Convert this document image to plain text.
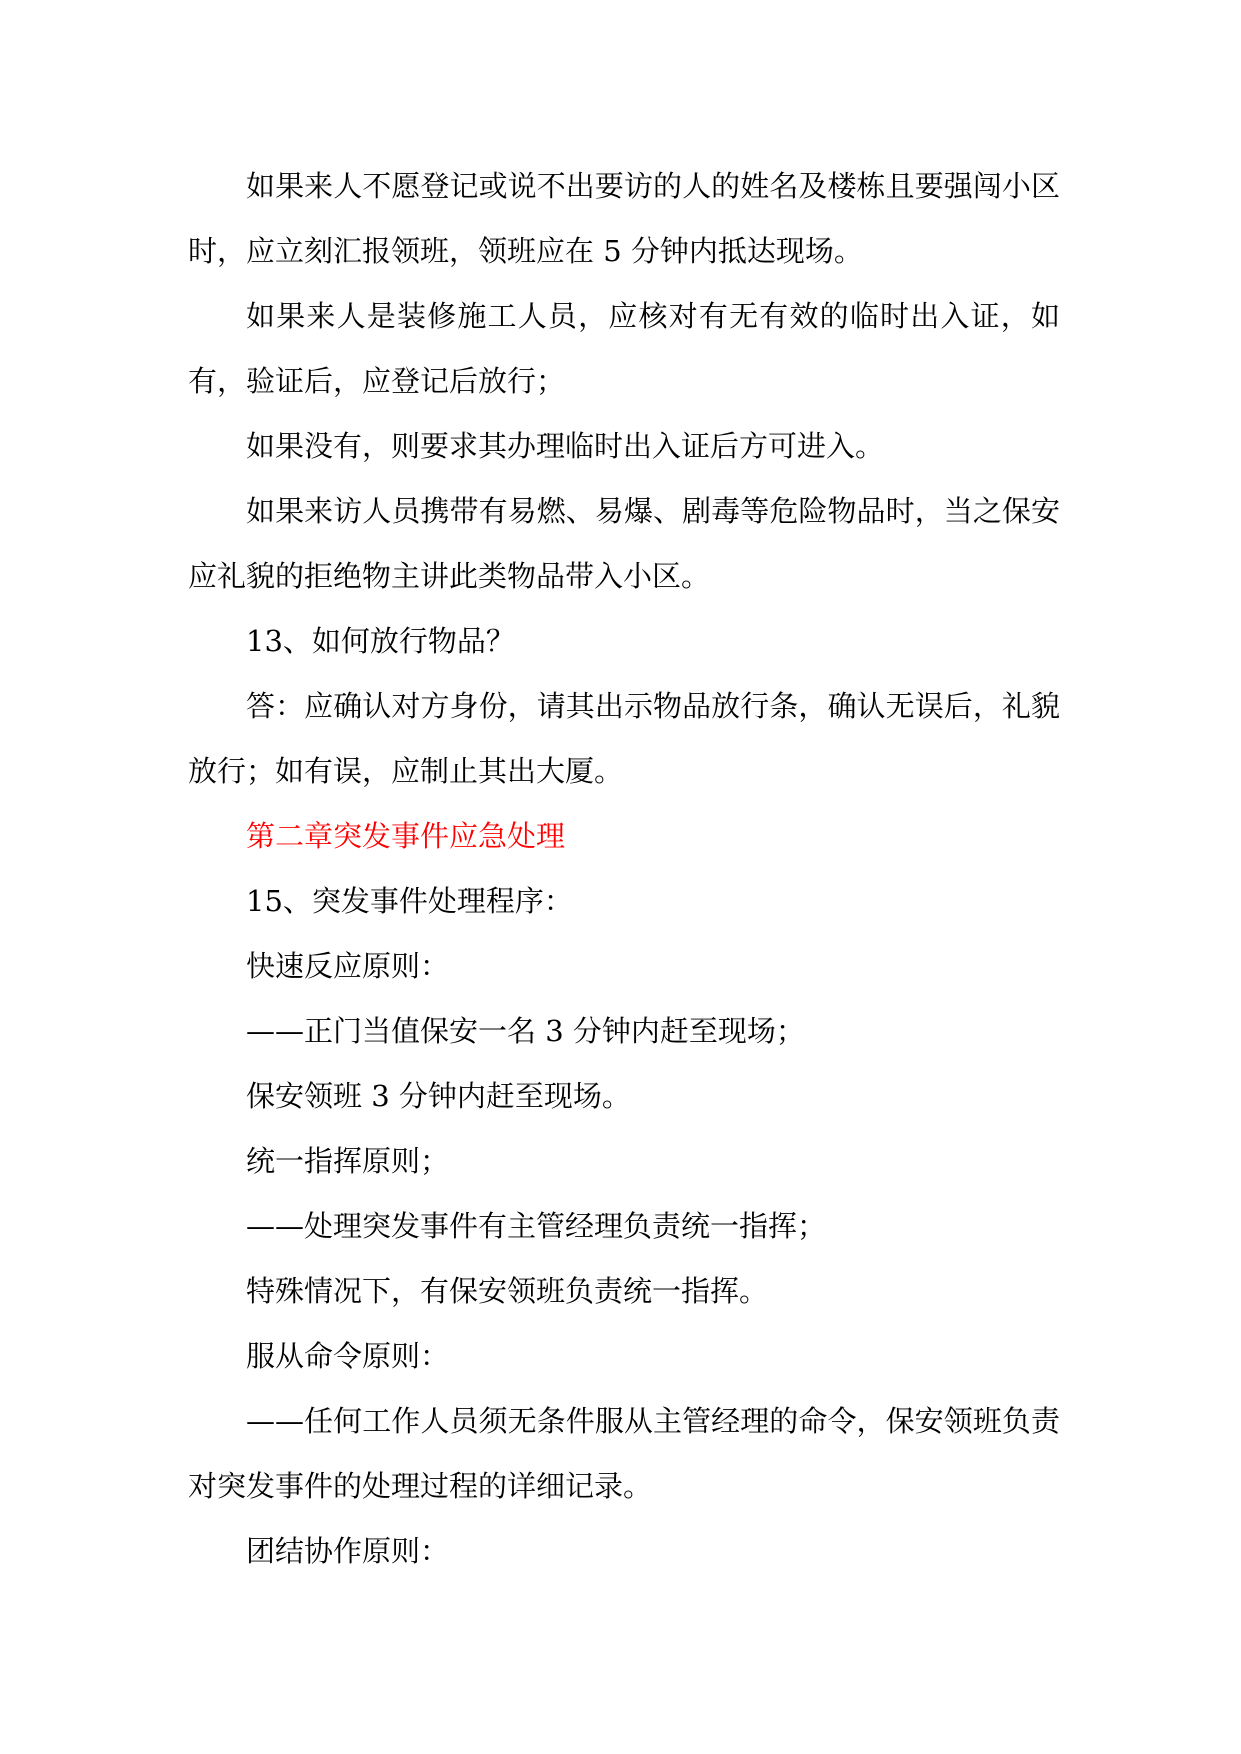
如果来人不愿登记或说不出要访的人的姓名及楼栋且要强闯小区时，应立刻汇报领班，领班应在 5 分钟内抵达现场。

如果来人是装修施工人员，应核对有无有效的临时出入证，如有，验证后，应登记后放行；

如果没有，则要求其办理临时出入证后方可进入。

如果来访人员携带有易燃、易爆、剧毒等危险物品时，当之保安应礼貌的拒绝物主讲此类物品带入小区。

13、如何放行物品？

答：应确认对方身份，请其出示物品放行条，确认无误后，礼貌放行；如有误，应制止其出大厦。

第二章突发事件应急处理

15、突发事件处理程序：

快速反应原则：

——正门当值保安一名 3 分钟内赶至现场；

保安领班 3 分钟内赶至现场。

统一指挥原则；

——处理突发事件有主管经理负责统一指挥；

特殊情况下，有保安领班负责统一指挥。

服从命令原则：

——任何工作人员须无条件服从主管经理的命令，保安领班负责对突发事件的处理过程的详细记录。

团结协作原则：
